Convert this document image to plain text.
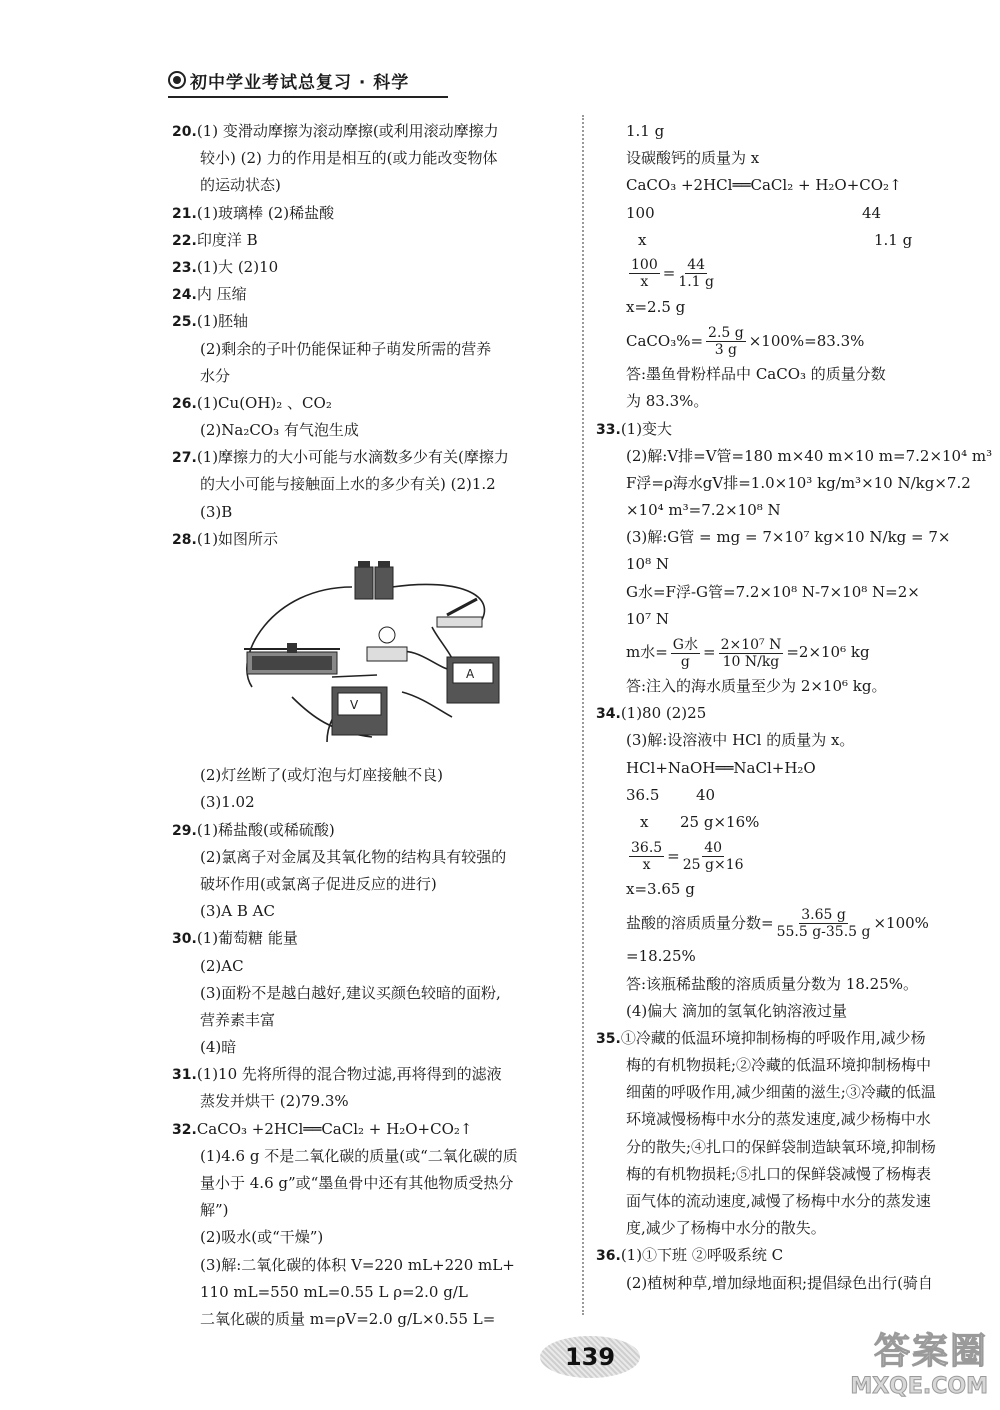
初中学业考试总复习 · 科学
20.(1) 变滑动摩擦为滚动摩擦(或利用滚动摩擦力
较小) (2) 力的作用是相互的(或力能改变物体
的运动状态)
21.(1)玻璃棒 (2)稀盐酸
22.印度洋 B
23.(1)大 (2)10
24.内 压缩
25.(1)胚轴
(2)剩余的子叶仍能保证种子萌发所需的营养
水分
26.(1)Cu(OH)₂ 、CO₂
(2)Na₂CO₃ 有气泡生成
27.(1)摩擦力的大小可能与水滴数多少有关(摩擦力
的大小可能与接触面上水的多少有关) (2)1.2
(3)B
28.(1)如图所示
V
A
(2)灯丝断了(或灯泡与灯座接触不良)
(3)1.02
29.(1)稀盐酸(或稀硫酸)
(2)氯离子对金属及其氧化物的结构具有较强的
破坏作用(或氯离子促进反应的进行)
(3)A B AC
30.(1)葡萄糖 能量
(2)AC
(3)面粉不是越白越好,建议买颜色较暗的面粉,
营养素丰富
(4)暗
31.(1)10 先将所得的混合物过滤,再将得到的滤液
蒸发并烘干 (2)79.3%
32.CaCO₃ +2HCl══CaCl₂ + H₂O+CO₂↑
(1)4.6 g 不是二氧化碳的质量(或“二氧化碳的质
量小于 4.6 g”或“墨鱼骨中还有其他物质受热分
解”)
(2)吸水(或“干燥”)
(3)解:二氧化碳的体积 V=220 mL+220 mL+
110 mL=550 mL=0.55 L ρ=2.0 g/L
二氧化碳的质量 m=ρV=2.0 g/L×0.55 L=
1.1 g
设碳酸钙的质量为 x
CaCO₃ +2HCl══CaCl₂ + H₂O+CO₂↑
100	44
x	1.1 g
$\frac{100}{x} = \frac{44}{1.1 g}$
x=2.5 g
CaCO₃%= $\frac{2.5 g}{3 g} \times 100\%=83.3\%$
答:墨鱼骨粉样品中 CaCO₃ 的质量分数
为 83.3%。
33.(1)变大
(2)解:V排=V管=180 m×40 m×10 m=7.2×10⁴ m³
F浮=ρ海水gV排=1.0×10³ kg/m³×10 N/kg×7.2
×10⁴ m³=7.2×10⁸ N
(3)解:G管 = mg = 7×10⁷ kg×10 N/kg = 7×
10⁸ N
G水=F浮-G管=7.2×10⁸ N-7×10⁸ N=2×
10⁷ N
m水= $\frac{\text{G水}}{g} = \frac{\text{2×10⁷ N}}{10 N/kg} =2\times 10^6$ kg
答:注入的海水质量至少为 2×10⁶ kg。
34.(1)80 (2)25
(3)解:设溶液中 HCl 的质量为 x。
HCl+NaOH══NaCl+H₂O
36.5 40
x 25 g×16%
$\frac{36.5}{x} = \frac{40}{25 g\times 16}$
x=3.65 g
盐酸的溶质质量分数= $\frac{3.65 g}{55.5 g-35.5 g} \times 100\%$
=18.25%
答:该瓶稀盐酸的溶质质量分数为 18.25%。
(4)偏大 滴加的氢氧化钠溶液过量
35.①冷藏的低温环境抑制杨梅的呼吸作用,减少杨
梅的有机物损耗;②冷藏的低温环境抑制杨梅中
细菌的呼吸作用,减少细菌的滋生;③冷藏的低温
环境减慢杨梅中水分的蒸发速度,减少杨梅中水
分的散失;④扎口的保鲜袋制造缺氧环境,抑制杨
梅的有机物损耗;⑤扎口的保鲜袋减慢了杨梅表
面气体的流动速度,减慢了杨梅中水分的蒸发速
度,减少了杨梅中水分的散失。
36.(1)①下班 ②呼吸系统 C
(2)植树种草,增加绿地面积;提倡绿色出行(骑自
139	答案圈
MXQE.COM
